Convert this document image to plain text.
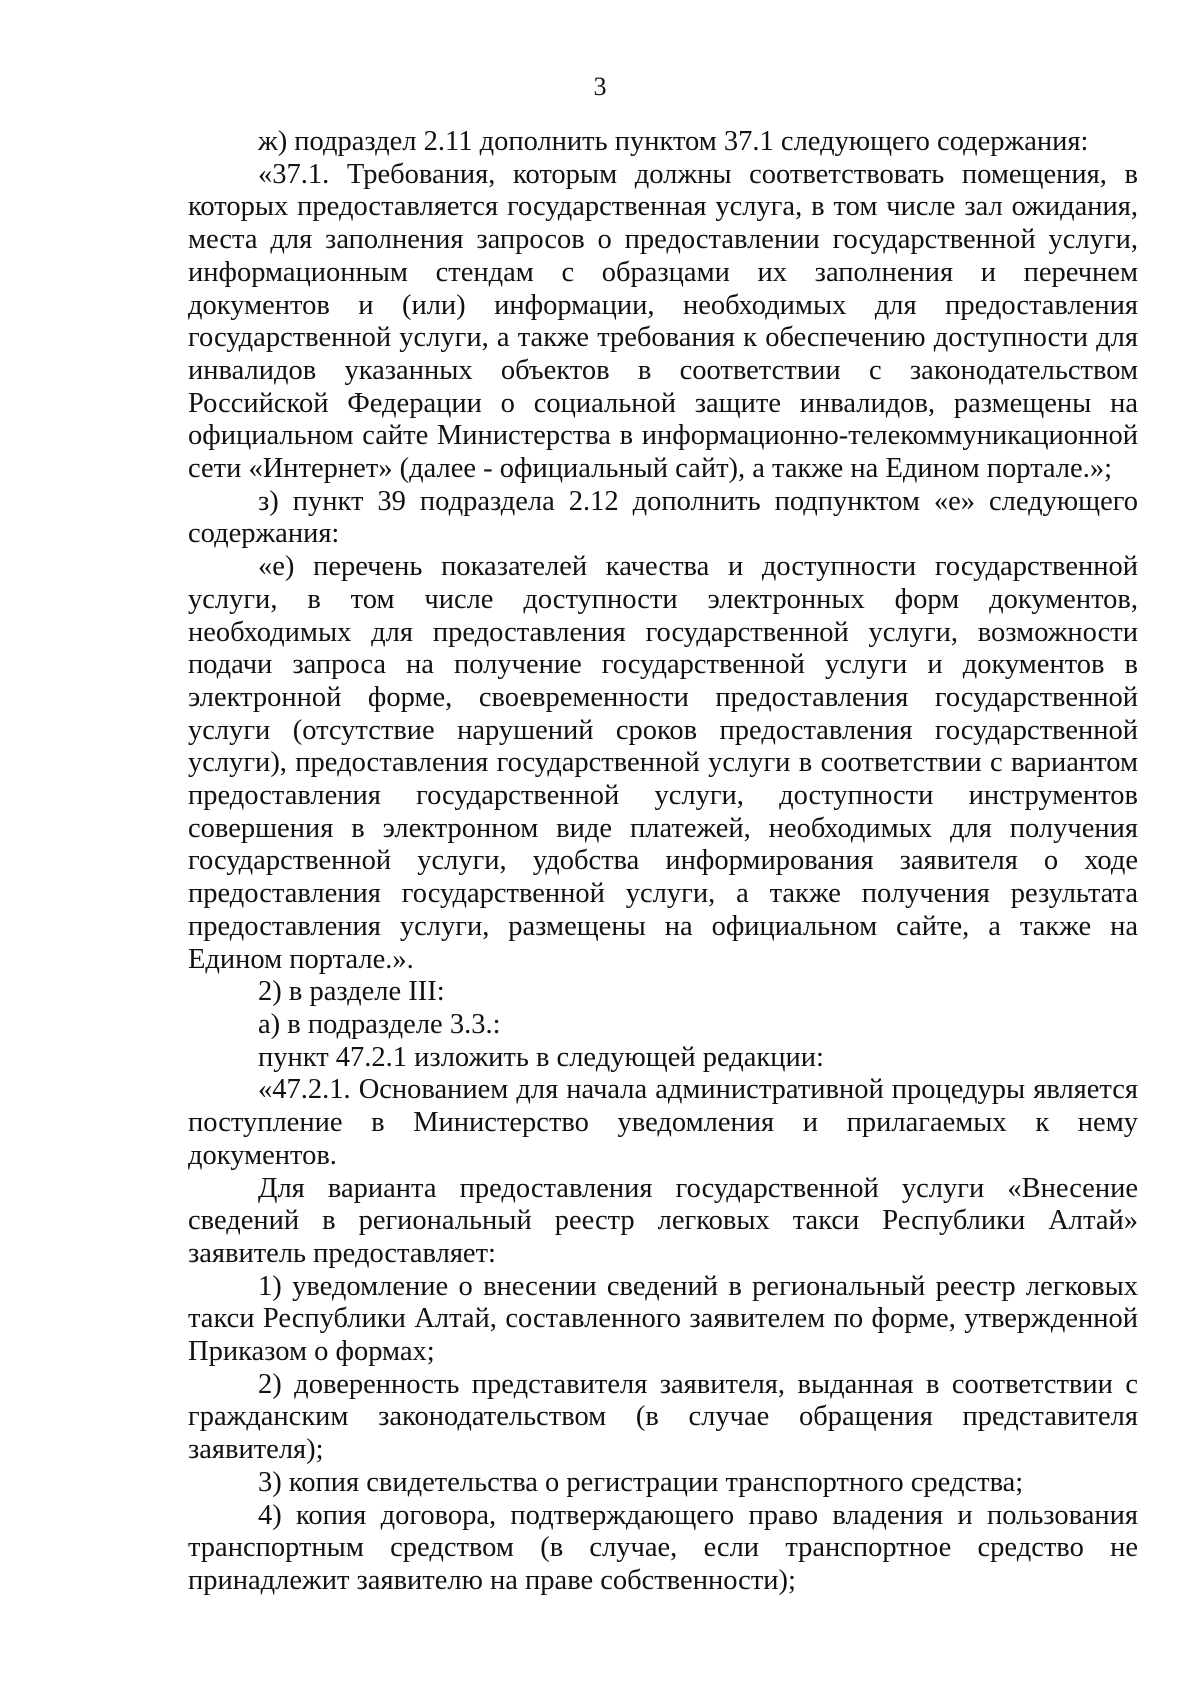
3

ж) подраздел 2.11 дополнить пунктом 37.1 следующего содержания:

«37.1. Требования, которым должны соответствовать помещения, в которых предоставляется государственная услуга, в том числе зал ожидания, места для заполнения запросов о предоставлении государственной услуги, информационным стендам с образцами их заполнения и перечнем документов и (или) информации, необходимых для предоставления государственной услуги, а также требования к обеспечению доступности для инвалидов указанных объектов в соответствии с законодательством Российской Федерации о социальной защите инвалидов, размещены на официальном сайте Министерства в информационно-телекоммуникационной сети «Интернет» (далее - официальный сайт), а также на Едином портале.»;

з) пункт 39 подраздела 2.12 дополнить подпунктом «е» следующего содержания:

«е) перечень показателей качества и доступности государственной услуги, в том числе доступности электронных форм документов, необходимых для предоставления государственной услуги, возможности подачи запроса на получение государственной услуги и документов в электронной форме, своевременности предоставления государственной услуги (отсутствие нарушений сроков предоставления государственной услуги), предоставления государственной услуги в соответствии с вариантом предоставления государственной услуги, доступности инструментов совершения в электронном виде платежей, необходимых для получения государственной услуги, удобства информирования заявителя о ходе предоставления государственной услуги, а также получения результата предоставления услуги, размещены на официальном сайте, а также на Едином портале.».

2) в разделе III:

а) в подразделе 3.3.:

пункт 47.2.1 изложить в следующей редакции:

«47.2.1. Основанием для начала административной процедуры является поступление в Министерство уведомления и прилагаемых к нему документов.

Для варианта предоставления государственной услуги «Внесение сведений в региональный реестр легковых такси Республики Алтай» заявитель предоставляет:

1) уведомление о внесении сведений в региональный реестр легковых такси Республики Алтай, составленного заявителем по форме, утвержденной Приказом о формах;

2) доверенность представителя заявителя, выданная в соответствии с гражданским законодательством (в случае обращения представителя заявителя);

3) копия свидетельства о регистрации транспортного средства;

4) копия договора, подтверждающего право владения и пользования транспортным средством (в случае, если транспортное средство не принадлежит заявителю на праве собственности);
